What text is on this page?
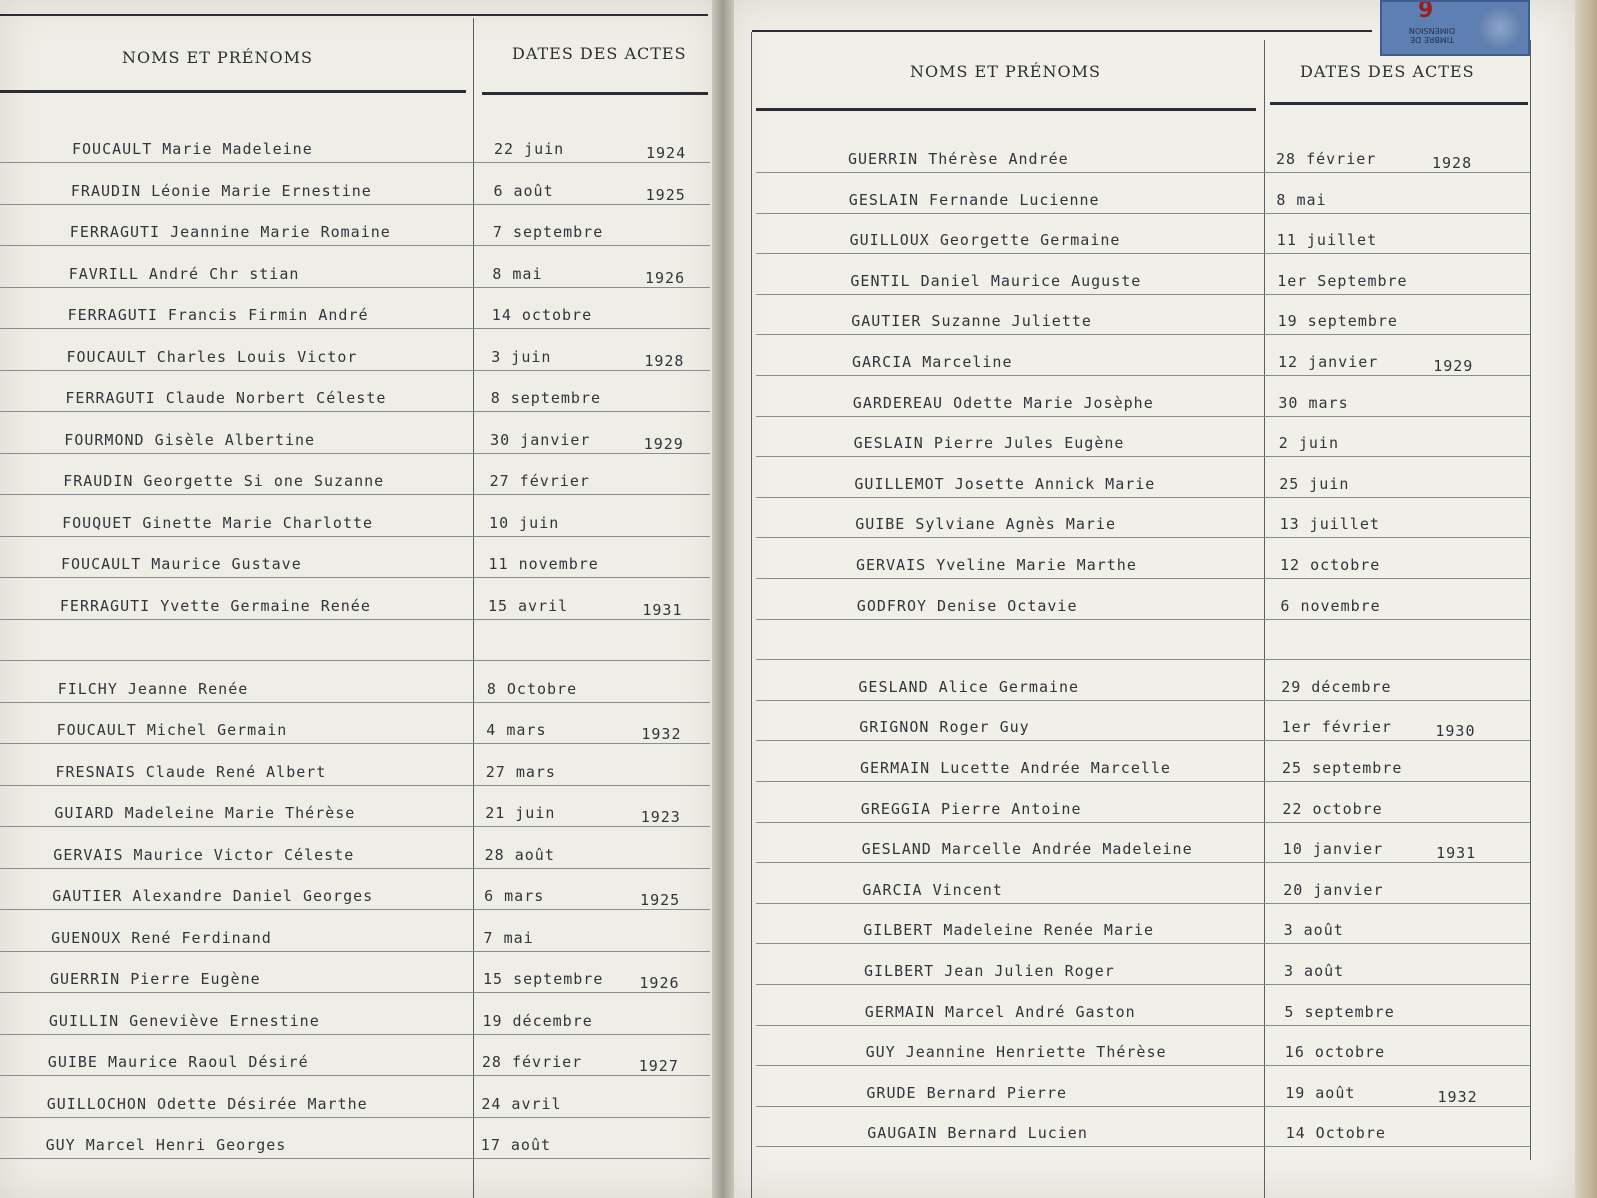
NOMS ET PRÉNOMS	DATES DES ACTES
NOMS ET PRÉNOMS	DATES DES ACTES
9
TIMBRE DE DIMENSION
FOUCAULT Marie Madeleine	22 juin	1924
FRAUDIN Léonie Marie Ernestine	6 août	1925
FERRAGUTI Jeannine Marie Romaine	7 septembre
FAVRILL André Chr stian	8 mai	1926
FERRAGUTI Francis Firmin André	14 octobre
FOUCAULT Charles Louis Victor	3 juin	1928
FERRAGUTI Claude Norbert Céleste	8 septembre
FOURMOND Gisèle Albertine	30 janvier	1929
FRAUDIN Georgette Si one Suzanne	27 février
FOUQUET Ginette Marie Charlotte	10 juin
FOUCAULT Maurice Gustave	11 novembre
FERRAGUTI Yvette Germaine Renée	15 avril	1931
FILCHY Jeanne Renée	8 Octobre
FOUCAULT Michel Germain	4 mars	1932
FRESNAIS Claude René Albert	27 mars
GUIARD Madeleine Marie Thérèse	21 juin	1923
GERVAIS Maurice Victor Céleste	28 août
GAUTIER Alexandre Daniel Georges	6 mars	1925
GUENOUX René Ferdinand	7 mai
GUERRIN Pierre Eugène	15 septembre 1926
GUILLIN Geneviève Ernestine	19 décembre
GUIBE Maurice Raoul Désiré	28 février	1927
GUILLOCHON Odette Désirée Marthe	24 avril
GUY Marcel Henri Georges	17 août
GUERRIN Thérèse Andrée	28 février	1928
GESLAIN Fernande Lucienne	8 mai
GUILLOUX Georgette Germaine	11 juillet
GENTIL Daniel Maurice Auguste	1er Septembre
GAUTIER Suzanne Juliette	19 septembre
GARCIA Marceline	12 janvier	1929
GARDEREAU Odette Marie Josèphe	30 mars
GESLAIN Pierre Jules Eugène	2 juin
GUILLEMOT Josette Annick Marie	25 juin
GUIBE Sylviane Agnès Marie	13 juillet
GERVAIS Yveline Marie Marthe	12 octobre
GODFROY Denise Octavie	6 novembre
GESLAND Alice Germaine	29 décembre
GRIGNON Roger Guy	1er février	1930
GERMAIN Lucette Andrée Marcelle	25 septembre
GREGGIA Pierre Antoine	22 octobre
GESLAND Marcelle Andrée Madeleine	10 janvier	1931
GARCIA Vincent	20 janvier
GILBERT Madeleine Renée Marie	3 août
GILBERT Jean Julien Roger	3 août
GERMAIN Marcel André Gaston	5 septembre
GUY Jeannine Henriette Thérèse	16 octobre
GRUDE Bernard Pierre	19 août	1932
GAUGAIN Bernard Lucien	14 Octobre
